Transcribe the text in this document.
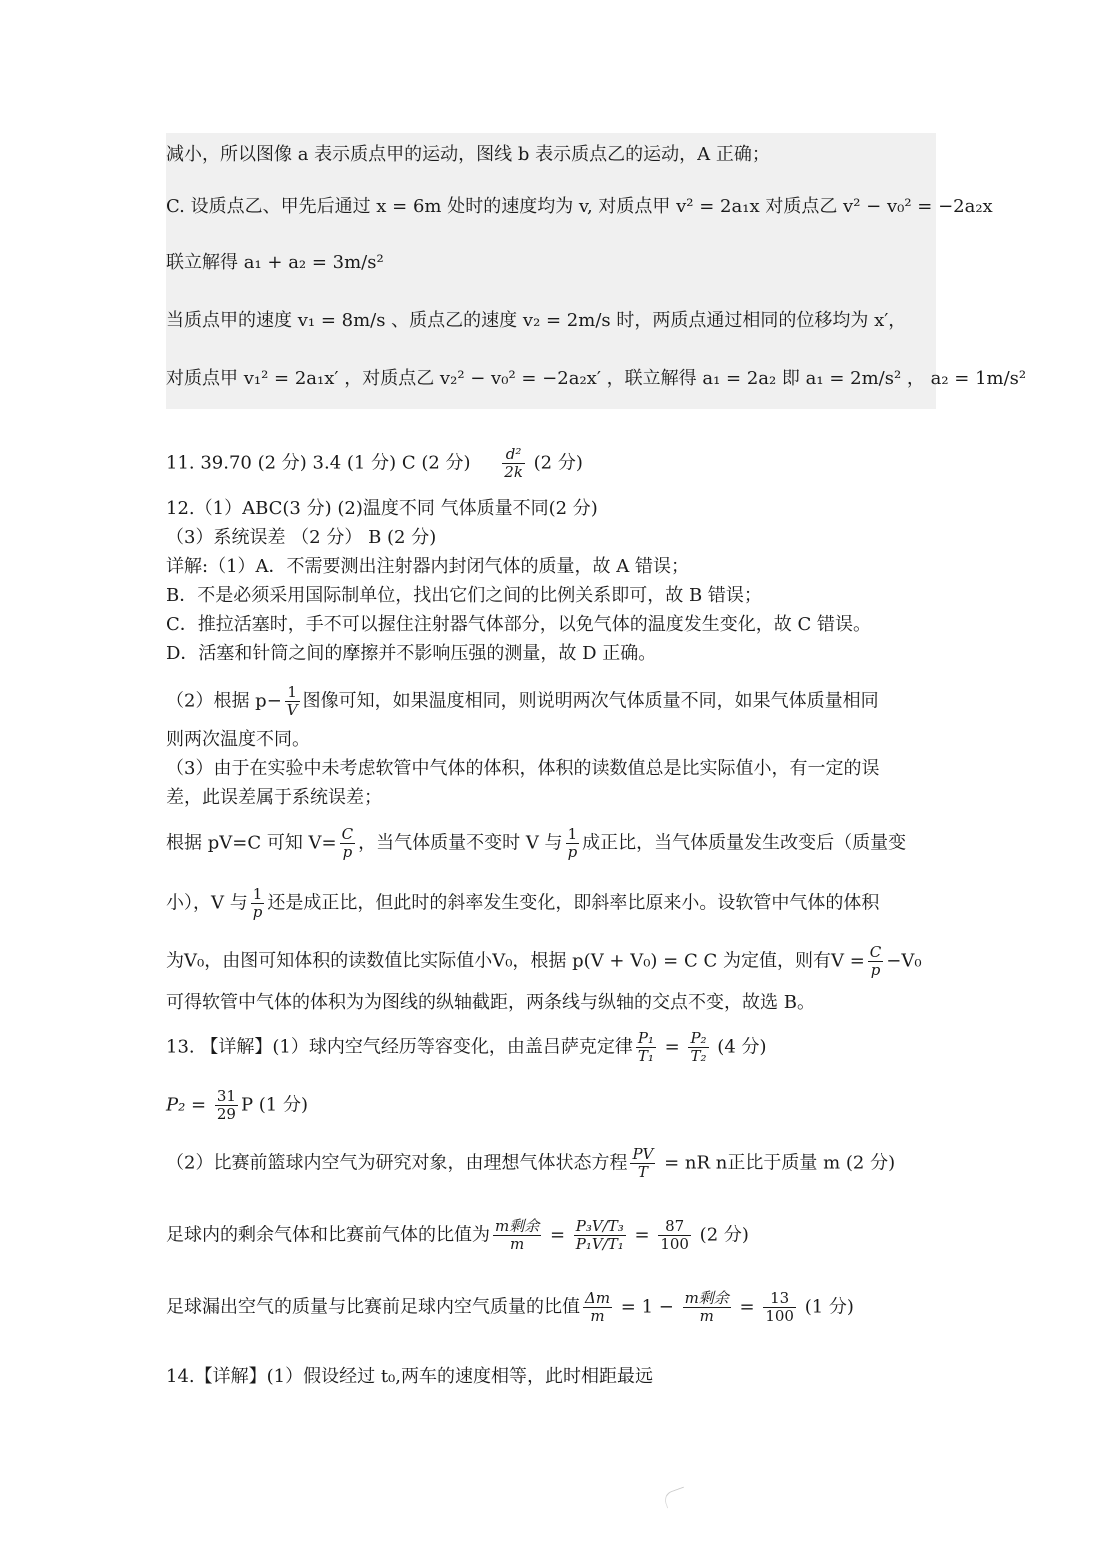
减小，所以图像 a 表示质点甲的运动，图线 b 表示质点乙的运动，A 正确；
C. 设质点乙、甲先后通过 x = 6m 处时的速度均为 v, 对质点甲 v² = 2a₁x 对质点乙 v² − v₀² = −2a₂x
联立解得 a₁ + a₂ = 3m/s²
当质点甲的速度 v₁ = 8m/s 、质点乙的速度 v₂ = 2m/s 时，两质点通过相同的位移均为 x′，
对质点甲 v₁² = 2a₁x′ ，对质点乙 v₂² − v₀² = −2a₂x′ ，联立解得 a₁ = 2a₂ 即 a₁ = 2m/s² ， a₂ = 1m/s²
11. 39.70 (2 分) 3.4 (1 分) C (2 分) $\frac{\text{d²}}{2k} (2$ 分)
12.（1）ABC(3 分) (2)温度不同 气体质量不同(2 分)
（3）系统误差 （2 分） B (2 分)
详解:（1）A．不需要测出注射器内封闭气体的质量，故 A 错误；
B．不是必须采用国际制单位，找出它们之间的比例关系即可，故 B 错误；
C．推拉活塞时，手不可以握住注射器气体部分，以免气体的温度发生变化，故 C 错误。
D．活塞和针筒之间的摩擦并不影响压强的测量，故 D 正确。
（2）根据 $p- \frac{1}{V}$ 图像可知，如果温度相同，则说明两次气体质量不同，如果气体质量相同
则两次温度不同。
（3）由于在实验中未考虑软管中气体的体积，体积的读数值总是比实际值小，有一定的误
差，此误差属于系统误差；
根据 pV=C 可知 $V= \frac{C}{p}$ ，当气体质量不变时 V 与 $\frac{1}{p}$ 成正比，当气体质量发生改变后（质量变
小），V 与 $\frac{1}{p}$ 还是成正比，但此时的斜率发生变化，即斜率比原来小。设软管中气体的体积
为V₀，由图可知体积的读数值比实际值小V₀，根据 p(V + V₀) = C C 为定值，则有$V = \frac{C}{p} -V_0$
可得软管中气体的体积为为图线的纵轴截距，两条线与纵轴的交点不变，故选 B。
13. 【详解】(1）球内空气经历等容变化，由盖吕萨克定律 $\frac{\text{P₁}}{\text{T₁}} = \frac{\text{P₂}}{\text{T₂}} (4$ 分)
$P_2 = \frac{31}{29}$ P (1 分)
（2）比赛前篮球内空气为研究对象，由理想气体状态方程 $\frac{PV}{T}$ = nR n正比于质量 m (2 分)
足球内的剩余气体和比赛前气体的比值为 $\frac{\text{m剩余}}{m} = \frac{\text{P₃V/T₃}}{\text{P₁V/T₁}} = \frac{87}{100} (2$ 分)
足球漏出空气的质量与比赛前足球内空气质量的比值 $\frac{\Delta m}{m} = 1 - \frac{\text{m剩余}}{m} = \frac{13}{100} (1$ 分)
14.【详解】(1）假设经过 t₀,两车的速度相等，此时相距最远
